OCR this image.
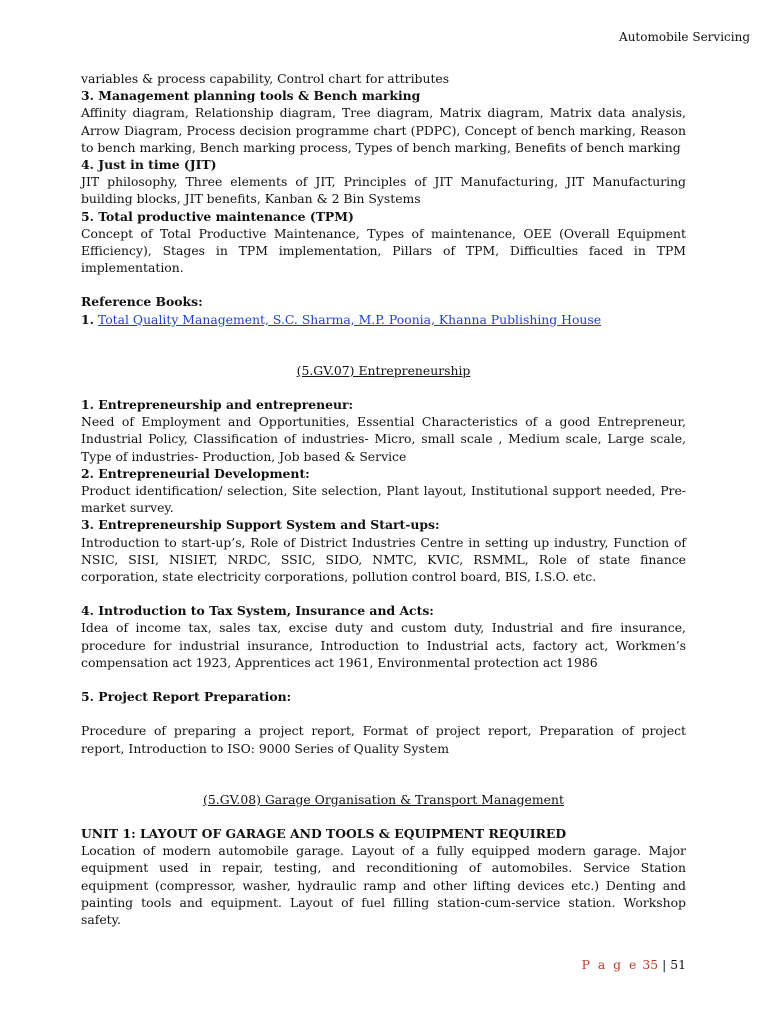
Automobile Servicing

variables & process capability, Control chart for attributes

3. Management planning tools & Bench marking

Affinity diagram, Relationship diagram, Tree diagram, Matrix diagram, Matrix data analysis, Arrow Diagram, Process decision programme chart (PDPC), Concept of bench marking, Reason to bench marking, Bench marking process, Types of bench marking, Benefits of bench marking

4. Just in time (JIT)

JIT philosophy, Three elements of JIT, Principles of JIT Manufacturing, JIT Manufacturing building blocks, JIT benefits, Kanban & 2 Bin Systems

5. Total productive maintenance (TPM)

Concept of Total Productive Maintenance, Types of maintenance, OEE (Overall Equipment Efficiency), Stages in TPM implementation, Pillars of TPM, Difficulties faced in TPM implementation.

Reference Books:

1. Total Quality Management, S.C. Sharma, M.P. Poonia, Khanna Publishing House

(5.GV.07) Entrepreneurship

1. Entrepreneurship and entrepreneur:

Need of Employment and Opportunities, Essential Characteristics of a good Entrepreneur, Industrial Policy, Classification of industries- Micro, small scale , Medium scale, Large scale, Type of industries- Production, Job based & Service

2. Entrepreneurial Development:

Product identification/ selection, Site selection, Plant layout, Institutional support needed, Pre-market survey.

3. Entrepreneurship Support System and Start-ups:

Introduction to start-up’s, Role of District Industries Centre in setting up industry, Function of NSIC, SISI, NISIET, NRDC, SSIC, SIDO, NMTC, KVIC, RSMML, Role of state finance corporation, state electricity corporations, pollution control board, BIS, I.S.O. etc.

4. Introduction to Tax System, Insurance and Acts:

Idea of income tax, sales tax, excise duty and custom duty, Industrial and fire insurance, procedure for industrial insurance, Introduction to Industrial acts, factory act, Workmen’s compensation act 1923, Apprentices act 1961, Environmental protection act 1986

5. Project Report Preparation:

Procedure of preparing a project report, Format of project report, Preparation of project report, Introduction to ISO: 9000 Series of Quality System

(5.GV.08) Garage Organisation & Transport Management

UNIT 1: LAYOUT OF GARAGE AND TOOLS & EQUIPMENT REQUIRED

Location of modern automobile garage. Layout of a fully equipped modern garage. Major equipment used in repair, testing, and reconditioning of automobiles. Service Station equipment (compressor, washer, hydraulic ramp and other lifting devices etc.) Denting and painting tools and equipment. Layout of fuel filling station-cum-service station. Workshop safety.

P a g e 35 | 51
